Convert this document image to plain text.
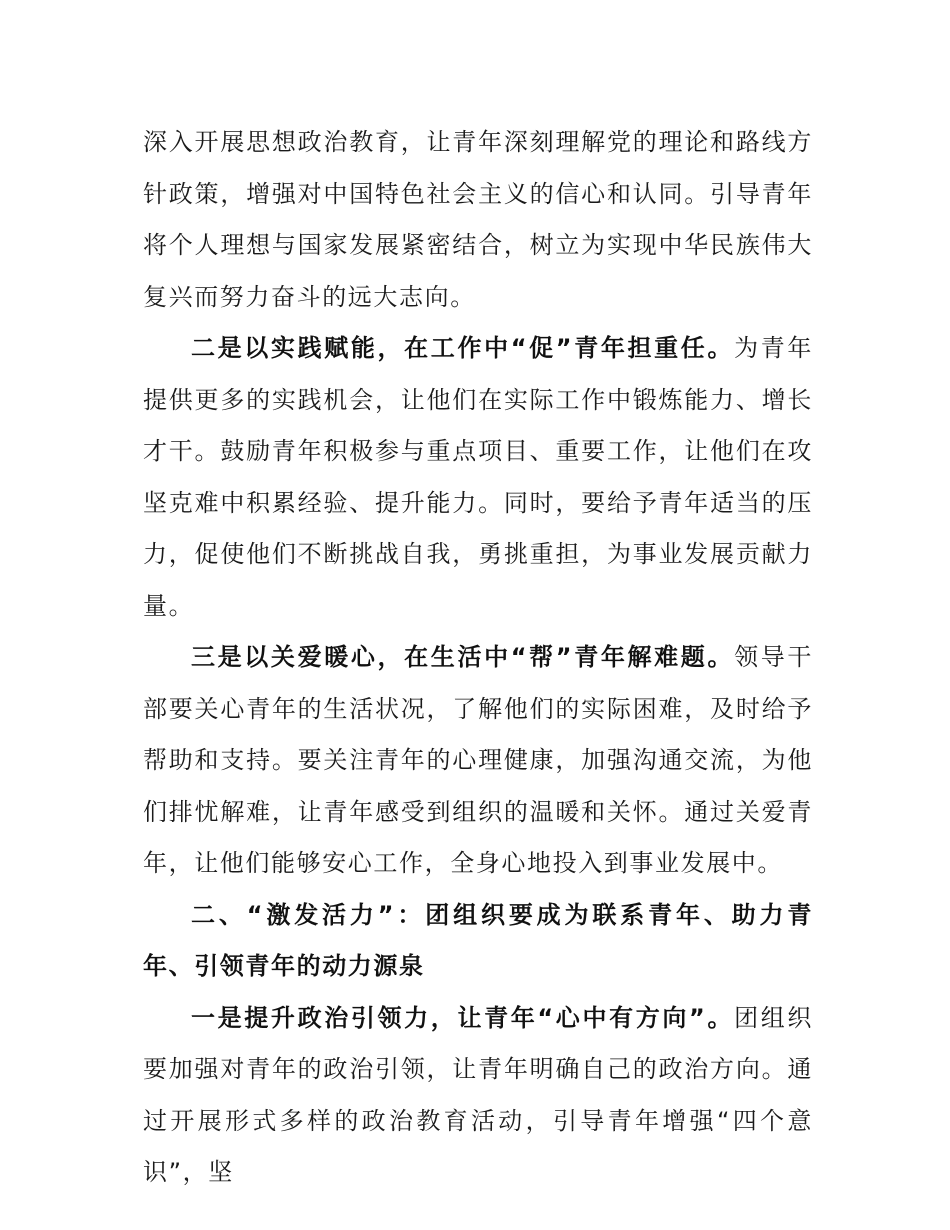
深入开展思想政治教育，让青年深刻理解党的理论和路线方针政策，增强对中国特色社会主义的信心和认同。引导青年将个人理想与国家发展紧密结合，树立为实现中华民族伟大复兴而努力奋斗的远大志向。

二是以实践赋能，在工作中“促”青年担重任。为青年提供更多的实践机会，让他们在实际工作中锻炼能力、增长才干。鼓励青年积极参与重点项目、重要工作，让他们在攻坚克难中积累经验、提升能力。同时，要给予青年适当的压力，促使他们不断挑战自我，勇挑重担，为事业发展贡献力量。

三是以关爱暖心，在生活中“帮”青年解难题。领导干部要关心青年的生活状况，了解他们的实际困难，及时给予帮助和支持。要关注青年的心理健康，加强沟通交流，为他们排忧解难，让青年感受到组织的温暖和关怀。通过关爱青年，让他们能够安心工作，全身心地投入到事业发展中。

二、“激发活力”：团组织要成为联系青年、助力青年、引领青年的动力源泉

一是提升政治引领力，让青年“心中有方向”。团组织要加强对青年的政治引领，让青年明确自己的政治方向。通过开展形式多样的政治教育活动，引导青年增强“四个意识”，坚
